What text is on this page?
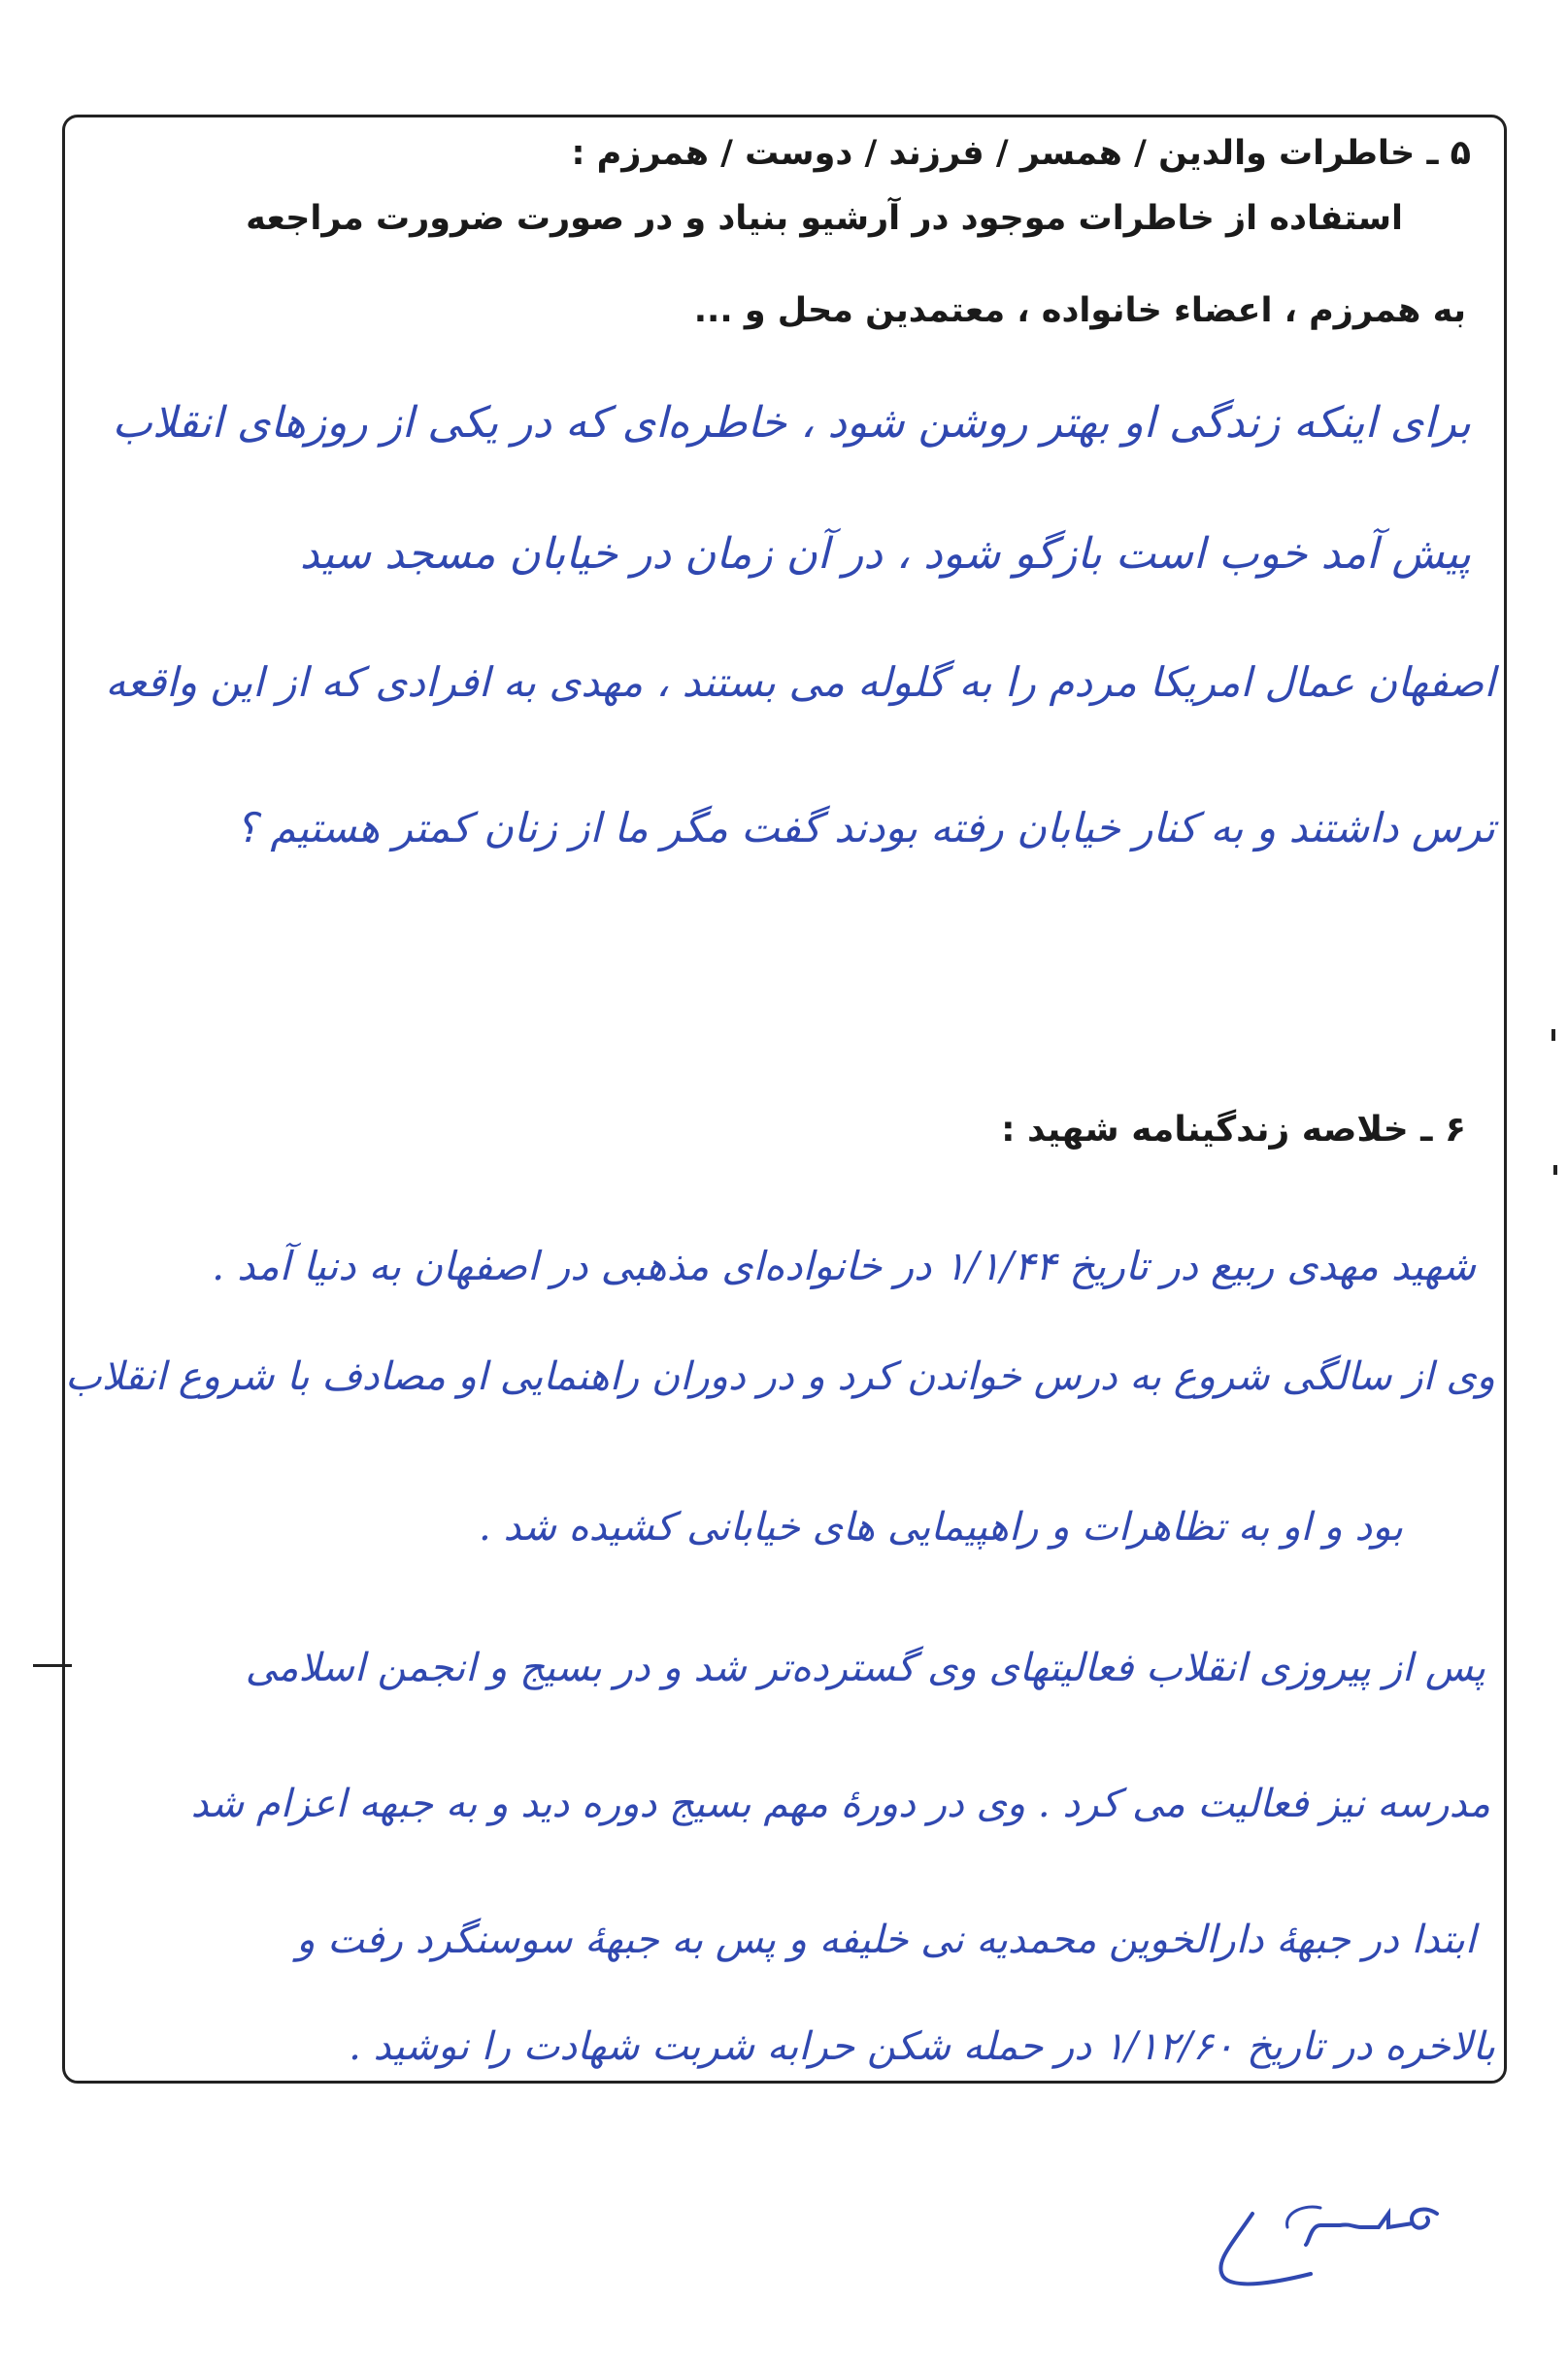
۵ ـ خاطرات والدین / همسر / فرزند / دوست / همرزم :
استفاده از خاطرات موجود در آرشیو بنیاد و در صورت ضرورت مراجعه
به همرزم ، اعضاء خانواده ، معتمدین محل و ...
برای اینکه زندگی او بهتر روشن شود ، خاطره‌ای که در یکی از روزهای انقلاب
پیش آمد خوب است بازگو شود ، در آن زمان در خیابان مسجد سید
اصفهان عمال امریکا مردم را به گلوله می بستند ، مهدی به افرادی که از این واقعه
ترس داشتند و به کنار خیابان رفته بودند گفت مگر ما از زنان کمتر هستیم ؟
۶ ـ خلاصه زندگینامه شهید :
شهید مهدی ربیع در تاریخ ۱/۱/۴۴ در خانواده‌ای مذهبی در اصفهان به دنیا آمد .
وی از سالگی شروع به درس خواندن کرد و در دوران راهنمایی او مصادف با شروع انقلاب
بود و او به تظاهرات و راهپیمایی های خیابانی کشیده شد .
پس از پیروزی انقلاب فعالیتهای وی گسترده‌تر شد و در بسیج و انجمن اسلامی
مدرسه نیز فعالیت می کرد . وی در دورهٔ مهم بسیج دوره دید و به جبهه اعزام شد
ابتدا در جبههٔ دارالخوین محمدیه نی خلیفه و پس به جبههٔ سوسنگرد رفت و
بالاخره در تاریخ ۱/۱۲/۶۰ در حمله شکن حرابه شربت شهادت را نوشید .
